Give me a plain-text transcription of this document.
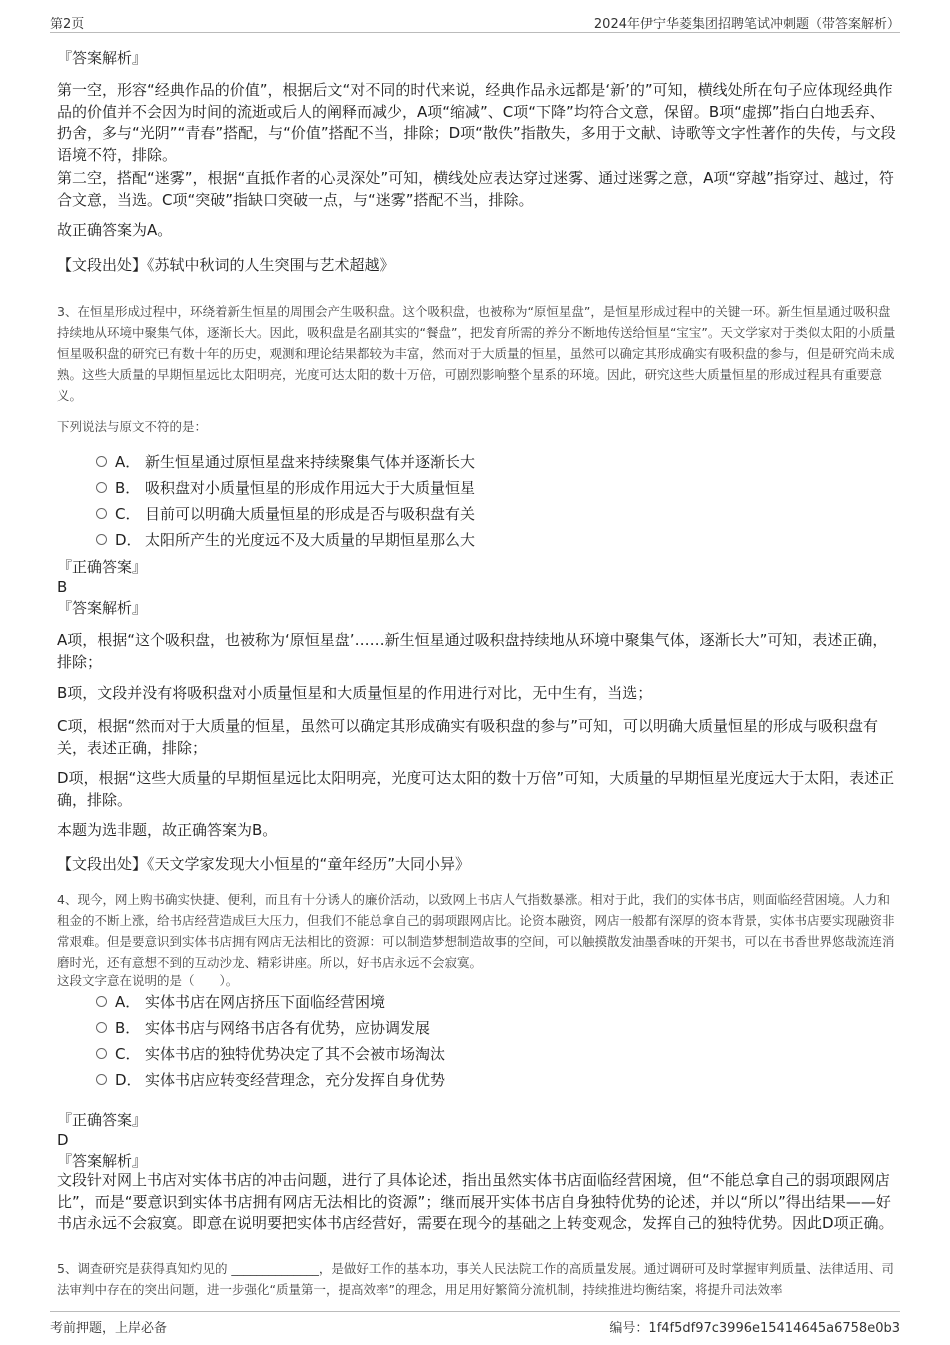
第2页	2024年伊宁华菱集团招聘笔试冲刺题（带答案解析）

『答案解析』

第一空，形容“经典作品的价值”，根据后文“对不同的时代来说，经典作品永远都是‘新’的”可知，横线处所在句子应体现经典作品的价值并不会因为时间的流逝或后人的阐释而减少，A项“缩减”、C项“下降”均符合文意，保留。B项“虚掷”指白白地丢弃、扔舍，多与“光阴”“青春”搭配，与“价值”搭配不当，排除；D项“散佚”指散失，多用于文献、诗歌等文字性著作的失传，与文段语境不符，排除。

第二空，搭配“迷雾”，根据“直抵作者的心灵深处”可知，横线处应表达穿过迷雾、通过迷雾之意，A项“穿越”指穿过、越过，符合文意，当选。C项“突破”指缺口突破一点，与“迷雾”搭配不当，排除。

故正确答案为A。

【文段出处】《苏轼中秋词的人生突围与艺术超越》

3、在恒星形成过程中，环绕着新生恒星的周围会产生吸积盘。这个吸积盘，也被称为“原恒星盘”，是恒星形成过程中的关键一环。新生恒星通过吸积盘持续地从环境中聚集气体，逐渐长大。因此，吸积盘是名副其实的“餐盘”，把发育所需的养分不断地传送给恒星“宝宝”。天文学家对于类似太阳的小质量恒星吸积盘的研究已有数十年的历史，观测和理论结果都较为丰富，然而对于大质量的恒星，虽然可以确定其形成确实有吸积盘的参与，但是研究尚未成熟。这些大质量的早期恒星远比太阳明亮，光度可达太阳的数十万倍，可剧烈影响整个星系的环境。因此，研究这些大质量恒星的形成过程具有重要意义。

下列说法与原文不符的是：

A． 新生恒星通过原恒星盘来持续聚集气体并逐渐长大
B． 吸积盘对小质量恒星的形成作用远大于大质量恒星
C． 目前可以明确大质量恒星的形成是否与吸积盘有关
D． 太阳所产生的光度远不及大质量的早期恒星那么大

『正确答案』

B

『答案解析』

A项，根据“这个吸积盘，也被称为‘原恒星盘’……新生恒星通过吸积盘持续地从环境中聚集气体，逐渐长大”可知，表述正确，排除；

B项，文段并没有将吸积盘对小质量恒星和大质量恒星的作用进行对比，无中生有，当选；

C项，根据“然而对于大质量的恒星，虽然可以确定其形成确实有吸积盘的参与”可知，可以明确大质量恒星的形成与吸积盘有关，表述正确，排除；

D项，根据“这些大质量的早期恒星远比太阳明亮，光度可达太阳的数十万倍”可知，大质量的早期恒星光度远大于太阳，表述正确，排除。

本题为选非题，故正确答案为B。

【文段出处】《天文学家发现大小恒星的“童年经历”大同小异》

4、现今，网上购书确实快捷、便利，而且有十分诱人的廉价活动，以致网上书店人气指数暴涨。相对于此，我们的实体书店，则面临经营困境。人力和租金的不断上涨，给书店经营造成巨大压力，但我们不能总拿自己的弱项跟网店比。论资本融资，网店一般都有深厚的资本背景，实体书店要实现融资非常艰难。但是要意识到实体书店拥有网店无法相比的资源：可以制造梦想制造故事的空间，可以触摸散发油墨香味的开架书，可以在书香世界悠哉流连消磨时光，还有意想不到的互动沙龙、精彩讲座。所以，好书店永远不会寂寞。

这段文字意在说明的是（　　）。

A． 实体书店在网店挤压下面临经营困境
B． 实体书店与网络书店各有优势，应协调发展
C． 实体书店的独特优势决定了其不会被市场淘汰
D． 实体书店应转变经营理念，充分发挥自身优势

『正确答案』

D

『答案解析』

文段针对网上书店对实体书店的冲击问题，进行了具体论述，指出虽然实体书店面临经营困境，但“不能总拿自己的弱项跟网店比”，而是“要意识到实体书店拥有网店无法相比的资源”；继而展开实体书店自身独特优势的论述，并以“所以”得出结果——好书店永远不会寂寞。即意在说明要把实体书店经营好，需要在现今的基础之上转变观念，发挥自己的独特优势。因此D项正确。

5、调查研究是获得真知灼见的 ______________，是做好工作的基本功，事关人民法院工作的高质量发展。通过调研可及时掌握审判质量、法律适用、司法审判中存在的突出问题，进一步强化“质量第一，提高效率”的理念，用足用好繁简分流机制，持续推进均衡结案，将提升司法效率

考前押题，上岸必备	编号：1f4f5df97c3996e15414645a6758e0b3
